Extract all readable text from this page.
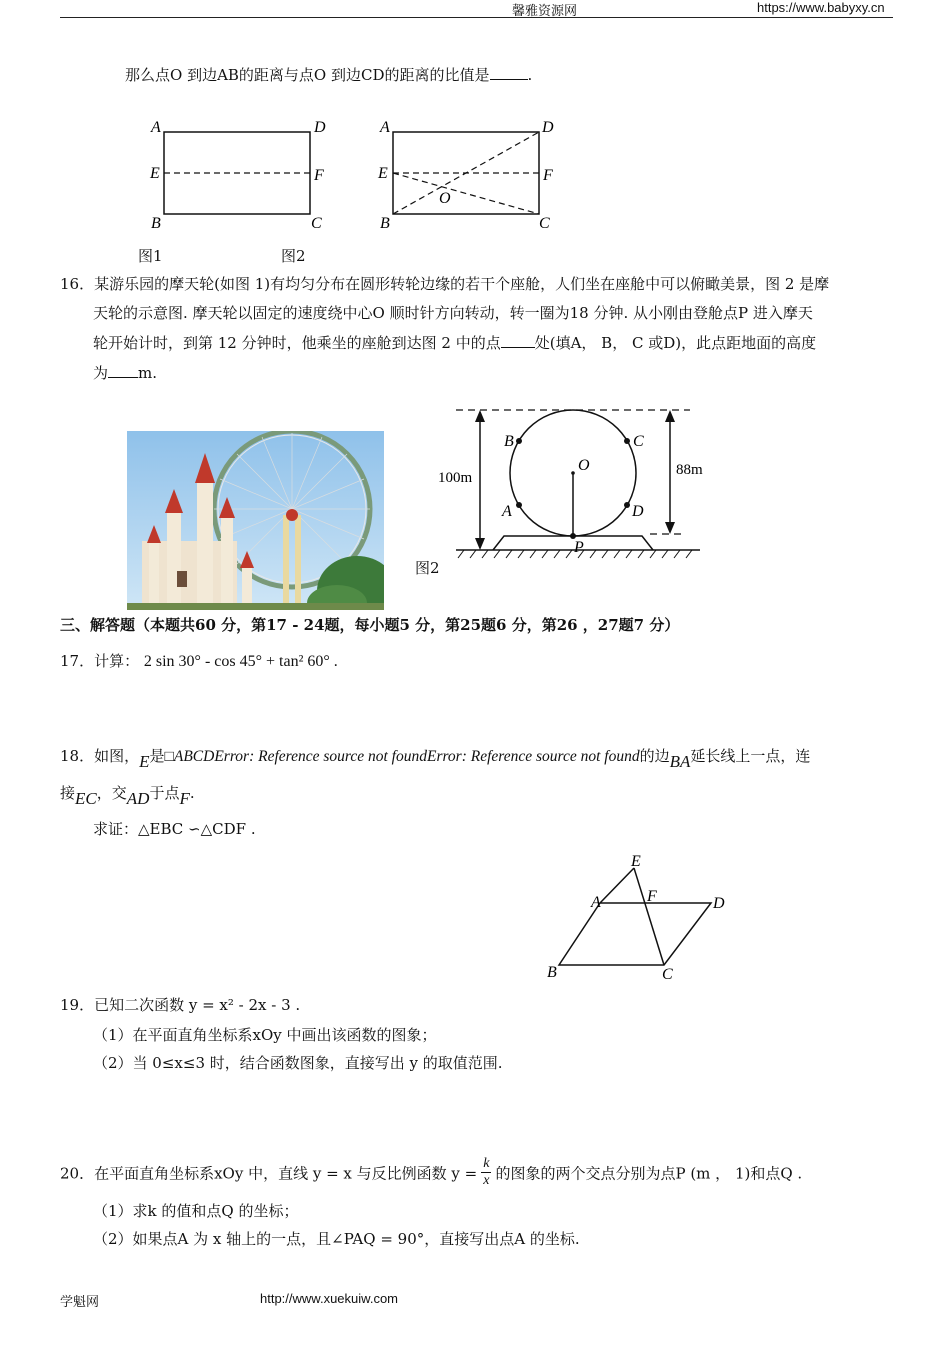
馨雅资源网	https://www.babyxy.cn
那么点O 到边AB的距离与点O 到边CD的距离的比值是	.
A	D
E	F
B	C
A	D
E	F
O
B	C
图1	图2
16．某游乐园的摩天轮(如图 1)有均匀分布在圆形转轮边缘的若干个座舱，人们坐在座舱中可以俯瞰美景，图 2 是摩
天轮的示意图. 摩天轮以固定的速度绕中心O 顺时针方向转动，转一圈为18 分钟. 从小刚由登舱点P 进入摩天
轮开始计时，到第 12 分钟时，他乘坐的座舱到达图 2 中的点 处(填A， B， C 或D)，此点距地面的高度
为 m.
100m	88m
B	C
O
A	D
P
图2
三、解答题（本题共60 分，第17 - 24题，每小题5 分，第25题6 分，第26 ，27题7 分）
17．计算： 2 sin 30° - cos 45° + tan² 60° .
18．如图，E是□ABCDError: Reference source not foundError: Reference source not found的边BA延长线上一点，连
接EC，交AD于点F.
求证：△EBC ∽△CDF .
E
A	F	D
B	C
19．已知二次函数 y = x² - 2x - 3 .
（1）在平面直角坐标系xOy 中画出该函数的图象；
（2）当 0≤x≤3 时，结合函数图象，直接写出 y 的取值范围.
20．在平面直角坐标系xOy 中，直线 y = x 与反比例函数 $y = \frac{k}{x}$ 的图象的两个交点分别为点P (m ， 1)和点Q .
（1）求k 的值和点Q 的坐标；
（2）如果点A 为 x 轴上的一点，且∠PAQ = 90°，直接写出点A 的坐标.
学魁网	http://www.xuekuiw.com
